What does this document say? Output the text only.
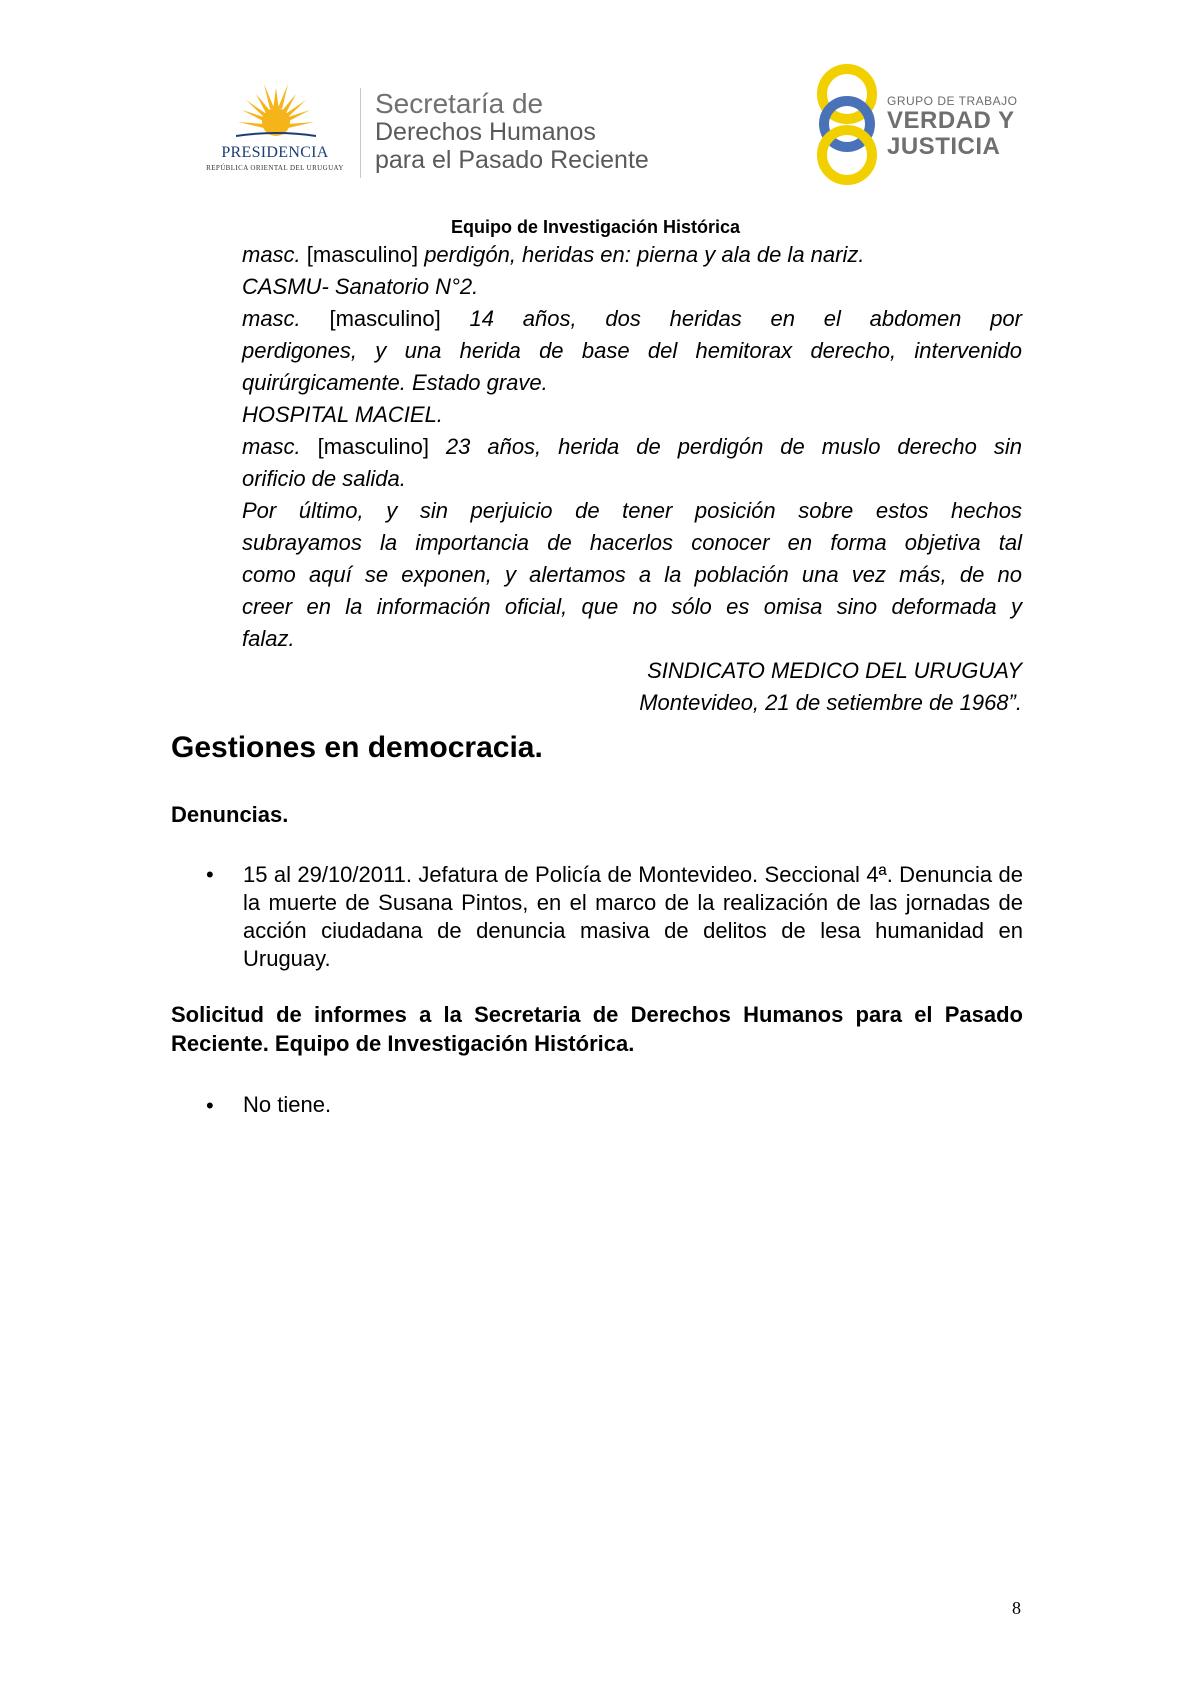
PRESIDENCIA
REPÚBLICA ORIENTAL DEL URUGUAY
Secretaría de
Derechos Humanos
para el Pasado Reciente
GRUPO DE TRABAJO
VERDAD Y
JUSTICIA
Equipo de Investigación Histórica
masc. [masculino] perdigón, heridas en: pierna y ala de la nariz.
CASMU- Sanatorio N°2.
masc. [masculino] 14 años, dos heridas en el abdomen por
perdigones, y una herida de base del hemitorax derecho, intervenido
quirúrgicamente. Estado grave.
HOSPITAL MACIEL.
masc. [masculino] 23 años, herida de perdigón de muslo derecho sin
orificio de salida.
Por último, y sin perjuicio de tener posición sobre estos hechos
subrayamos la importancia de hacerlos conocer en forma objetiva tal
como aquí se exponen, y alertamos a la población una vez más, de no
creer en la información oficial, que no sólo es omisa sino deformada y
falaz.
SINDICATO MEDICO DEL URUGUAY
Montevideo, 21 de setiembre de 1968”.
Gestiones en democracia.
Denuncias.
• 15 al 29/10/2011. Jefatura de Policía de Montevideo. Seccional 4ª. Denuncia de la muerte de Susana Pintos, en el marco de la realización de las jornadas de acción ciudadana de denuncia masiva de delitos de lesa humanidad en Uruguay.
Solicitud de informes a la Secretaria de Derechos Humanos para el Pasado Reciente. Equipo de Investigación Histórica.
• No tiene.
8
